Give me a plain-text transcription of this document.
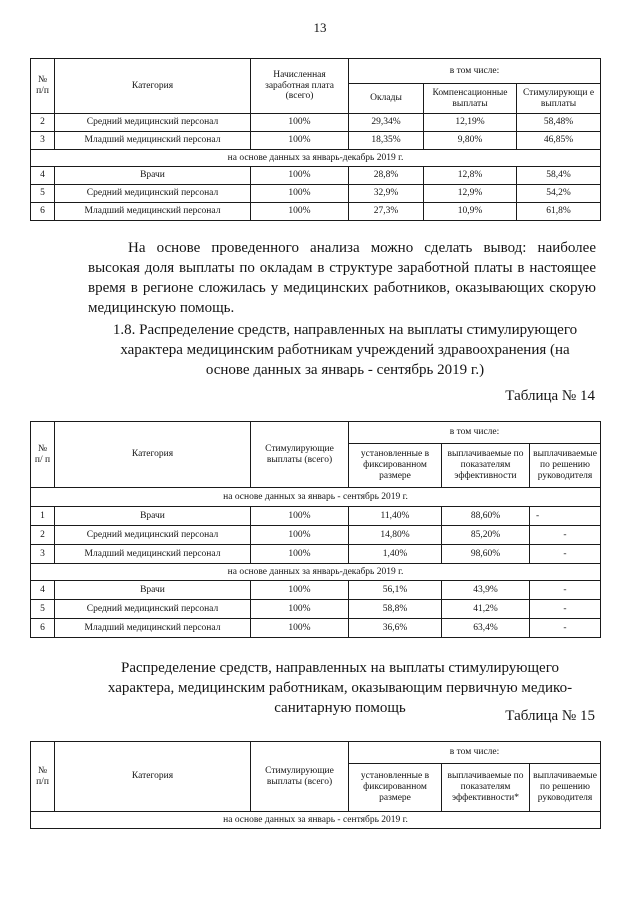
13
№ п/п	Категория	Начисленная заработная плата (всего)	в том числе:		
			Оклады	Компенсационные выплаты	Стимулирующи е выплаты
2	Средний медицинский персонал	100%	29,34%	12,19%	58,48%
3	Младший медицинский персонал	100%	18,35%	9,80%	46,85%
на основе данных за январь-декабрь 2019 г.					
4	Врачи	100%	28,8%	12,8%	58,4%
5	Средний медицинский персонал	100%	32,9%	12,9%	54,2%
6	Младший медицинский персонал	100%	27,3%	10,9%	61,8%
На основе проведенного анализа можно сделать вывод: наиболее высокая доля выплаты по окладам в структуре заработной платы в настоящее время в регионе сложилась у медицинских работников, оказывающих скорую медицинскую помощь.
1.8. Распределение средств, направленных на выплаты стимулирующего характера медицинским работникам учреждений здравоохранения (на основе данных за январь - сентябрь 2019 г.)
Таблица № 14
№ п/ п	Категория	Стимулирующие выплаты (всего)	в том числе:		
			установленные в фиксированном размере	выплачиваемые по показателям эффективности	выплачиваемые по решению руководителя
на основе данных за январь - сентябрь 2019 г.					
1	Врачи	100%	11,40%	88,60%	-
2	Средний медицинский персонал	100%	14,80%	85,20%	-
3	Младший медицинский персонал	100%	1,40%	98,60%	-
на основе данных за январь-декабрь 2019 г.					
4	Врачи	100%	56,1%	43,9%	-
5	Средний медицинский персонал	100%	58,8%	41,2%	-
6	Младший медицинский персонал	100%	36,6%	63,4%	-
Распределение средств, направленных на выплаты стимулирующего характера, медицинским работникам, оказывающим первичную медико-санитарную помощь	Таблица № 15
№ п/п	Категория	Стимулирующие выплаты (всего)	в том числе:		
			установленные в фиксированном размере	выплачиваемые по показателям эффективности*	выплачиваемые по решению руководителя
на основе данных за январь - сентябрь 2019 г.					
